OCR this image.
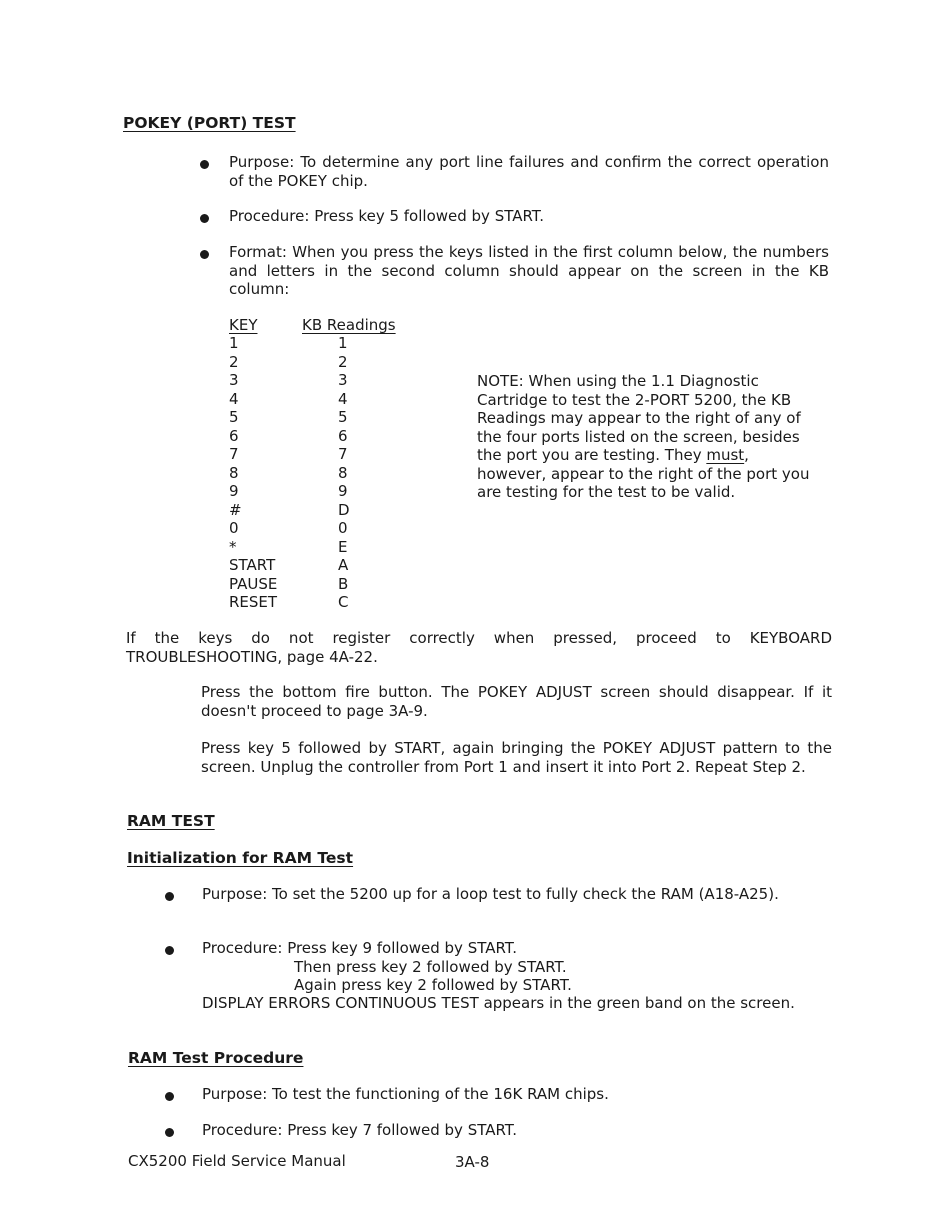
POKEY (PORT) TEST
Purpose: To determine any port line failures and confirm the correct operation of the POKEY chip.
Procedure: Press key 5 followed by START.
Format: When you press the keys listed in the first column below, the numbers and letters in the second column should appear on the screen in the KB column:
KEY	KB Readings
1
2
3
4
5
6
7
8
9
#
0
*
START
PAUSE
RESET
1
2
3
4
5
6
7
8
9
D
0
E
A
B
C
NOTE: When using the 1.1 Diagnostic Cartridge to test the 2-PORT 5200, the KB Readings may appear to the right of any of the four ports listed on the screen, besides the port you are testing. They must, however, appear to the right of the port you are testing for the test to be valid.
If the keys do not register correctly when pressed, proceed to KEYBOARD TROUBLESHOOTING, page 4A-22.
Press the bottom fire button. The POKEY ADJUST screen should disappear. If it doesn't proceed to page 3A-9.
Press key 5 followed by START, again bringing the POKEY ADJUST pattern to the screen. Unplug the controller from Port 1 and insert it into Port 2. Repeat Step 2.
RAM TEST
Initialization for RAM Test
Purpose: To set the 5200 up for a loop test to fully check the RAM (A18-A25).
Procedure: Press key 9 followed by START.
Then press key 2 followed by START.
Again press key 2 followed by START.
DISPLAY ERRORS CONTINUOUS TEST appears in the green band on the screen.
RAM Test Procedure
Purpose: To test the functioning of the 16K RAM chips.
Procedure: Press key 7 followed by START.
CX5200 Field Service Manual	3A-8
